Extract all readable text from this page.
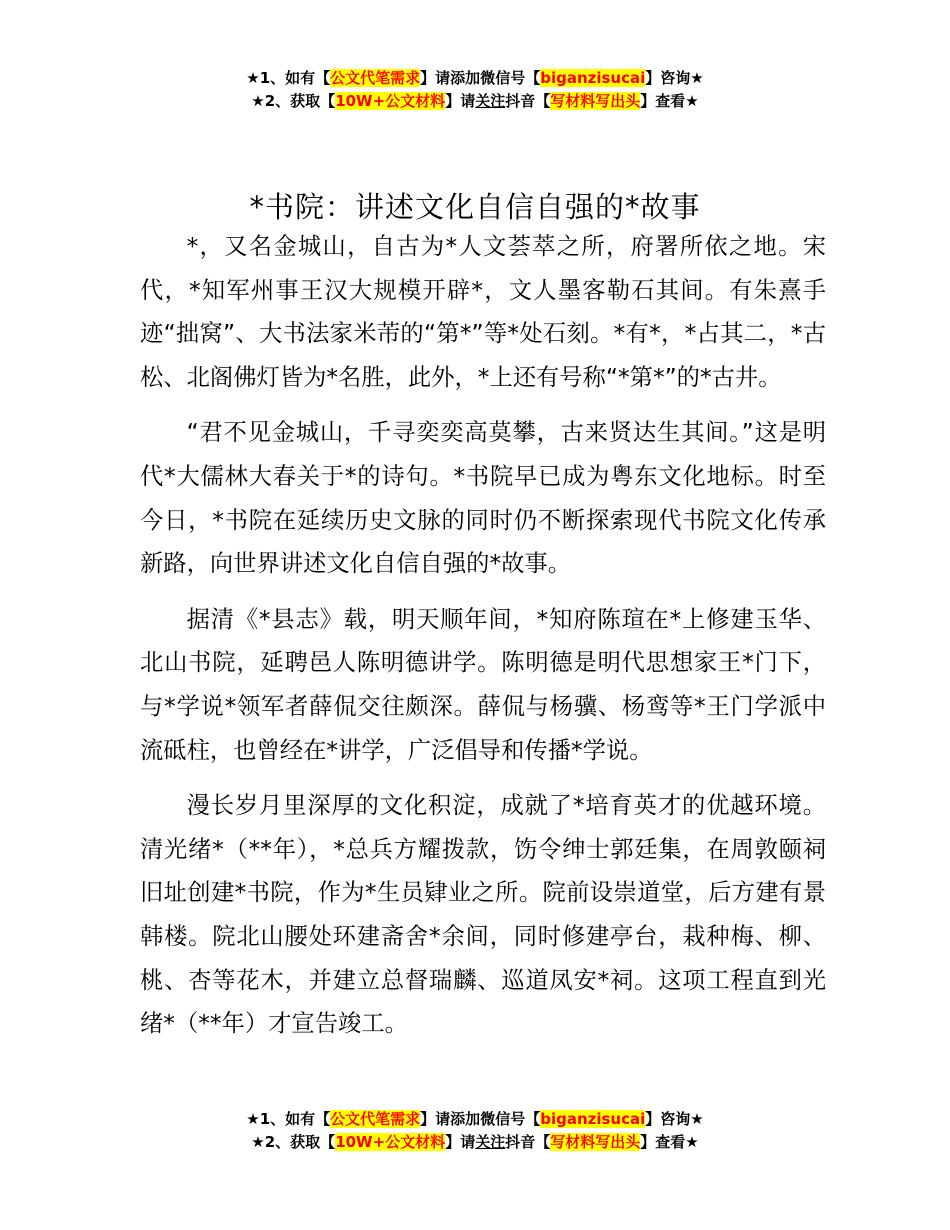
★1、如有【公文代笔需求】请添加微信号【biganzisucai】咨询★
★2、获取【10W+公文材料】请关注抖音【写材料写出头】查看★
*书院：讲述文化自信自强的*故事

*，又名金城山，自古为*人文荟萃之所，府署所依之地。宋代，*知军州事王汉大规模开辟*，文人墨客勒石其间。有朱熹手迹“拙窝”、大书法家米芾的“第*”等*处石刻。*有*，*占其二，*古松、北阁佛灯皆为*名胜，此外，*上还有号称“*第*”的*古井。

“君不见金城山，千寻奕奕高莫攀，古来贤达生其间。”这是明代*大儒林大春关于*的诗句。*书院早已成为粤东文化地标。时至今日，*书院在延续历史文脉的同时仍不断探索现代书院文化传承新路，向世界讲述文化自信自强的*故事。

据清《*县志》载，明天顺年间，*知府陈瑄在*上修建玉华、北山书院，延聘邑人陈明德讲学。陈明德是明代思想家王*门下，与*学说*领军者薛侃交往颇深。薛侃与杨骥、杨鸾等*王门学派中流砥柱，也曾经在*讲学，广泛倡导和传播*学说。

漫长岁月里深厚的文化积淀，成就了*培育英才的优越环境。清光绪*（**年），*总兵方耀拨款，饬令绅士郭廷集，在周敦颐祠旧址创建*书院，作为*生员肄业之所。院前设崇道堂，后方建有景韩楼。院北山腰处环建斋舍*余间，同时修建亭台，栽种梅、柳、桃、杏等花木，并建立总督瑞麟、巡道凤安*祠。这项工程直到光绪*（**年）才宣告竣工。

★1、如有【公文代笔需求】请添加微信号【biganzisucai】咨询★
★2、获取【10W+公文材料】请关注抖音【写材料写出头】查看★
